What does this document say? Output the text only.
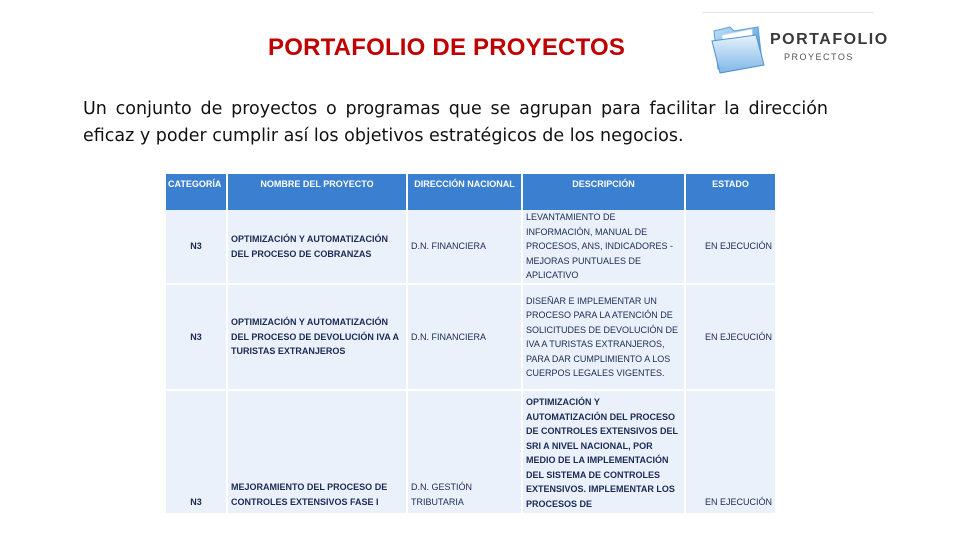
PORTAFOLIO DE PROYECTOS	PORTAFOLIO
PROYECTOS

Un conjunto de proyectos o programas que se agrupan para facilitar la dirección eficaz y poder cumplir así los objetivos estratégicos de los negocios.

CATEGORÍA	NOMBRE DEL PROYECTO	DIRECCIÓN NACIONAL	DESCRIPCIÓN	ESTADO
N3	OPTIMIZACIÓN Y AUTOMATIZACIÓN DEL PROCESO DE COBRANZAS	D.N. FINANCIERA	LEVANTAMIENTO DE INFORMACIÓN, MANUAL DE PROCESOS, ANS, INDICADORES - MEJORAS PUNTUALES DE APLICATIVO	EN EJECUCIÓN
N3	OPTIMIZACIÓN Y AUTOMATIZACIÓN DEL PROCESO DE DEVOLUCIÓN IVA A TURISTAS EXTRANJEROS	D.N. FINANCIERA	DISEÑAR E IMPLEMENTAR UN PROCESO PARA LA ATENCIÓN DE SOLICITUDES DE DEVOLUCIÓN DE IVA A TURISTAS EXTRANJEROS, PARA DAR CUMPLIMIENTO A LOS CUERPOS LEGALES VIGENTES.	EN EJECUCIÓN
N3	MEJORAMIENTO DEL PROCESO DE CONTROLES EXTENSIVOS FASE I	D.N. GESTIÓN TRIBUTARIA	OPTIMIZACIÓN Y AUTOMATIZACIÓN DEL PROCESO DE CONTROLES EXTENSIVOS DEL SRI A NIVEL NACIONAL, POR MEDIO DE LA IMPLEMENTACIÓN DEL SISTEMA DE CONTROLES EXTENSIVOS. IMPLEMENTAR LOS PROCESOS DE	EN EJECUCIÓN
